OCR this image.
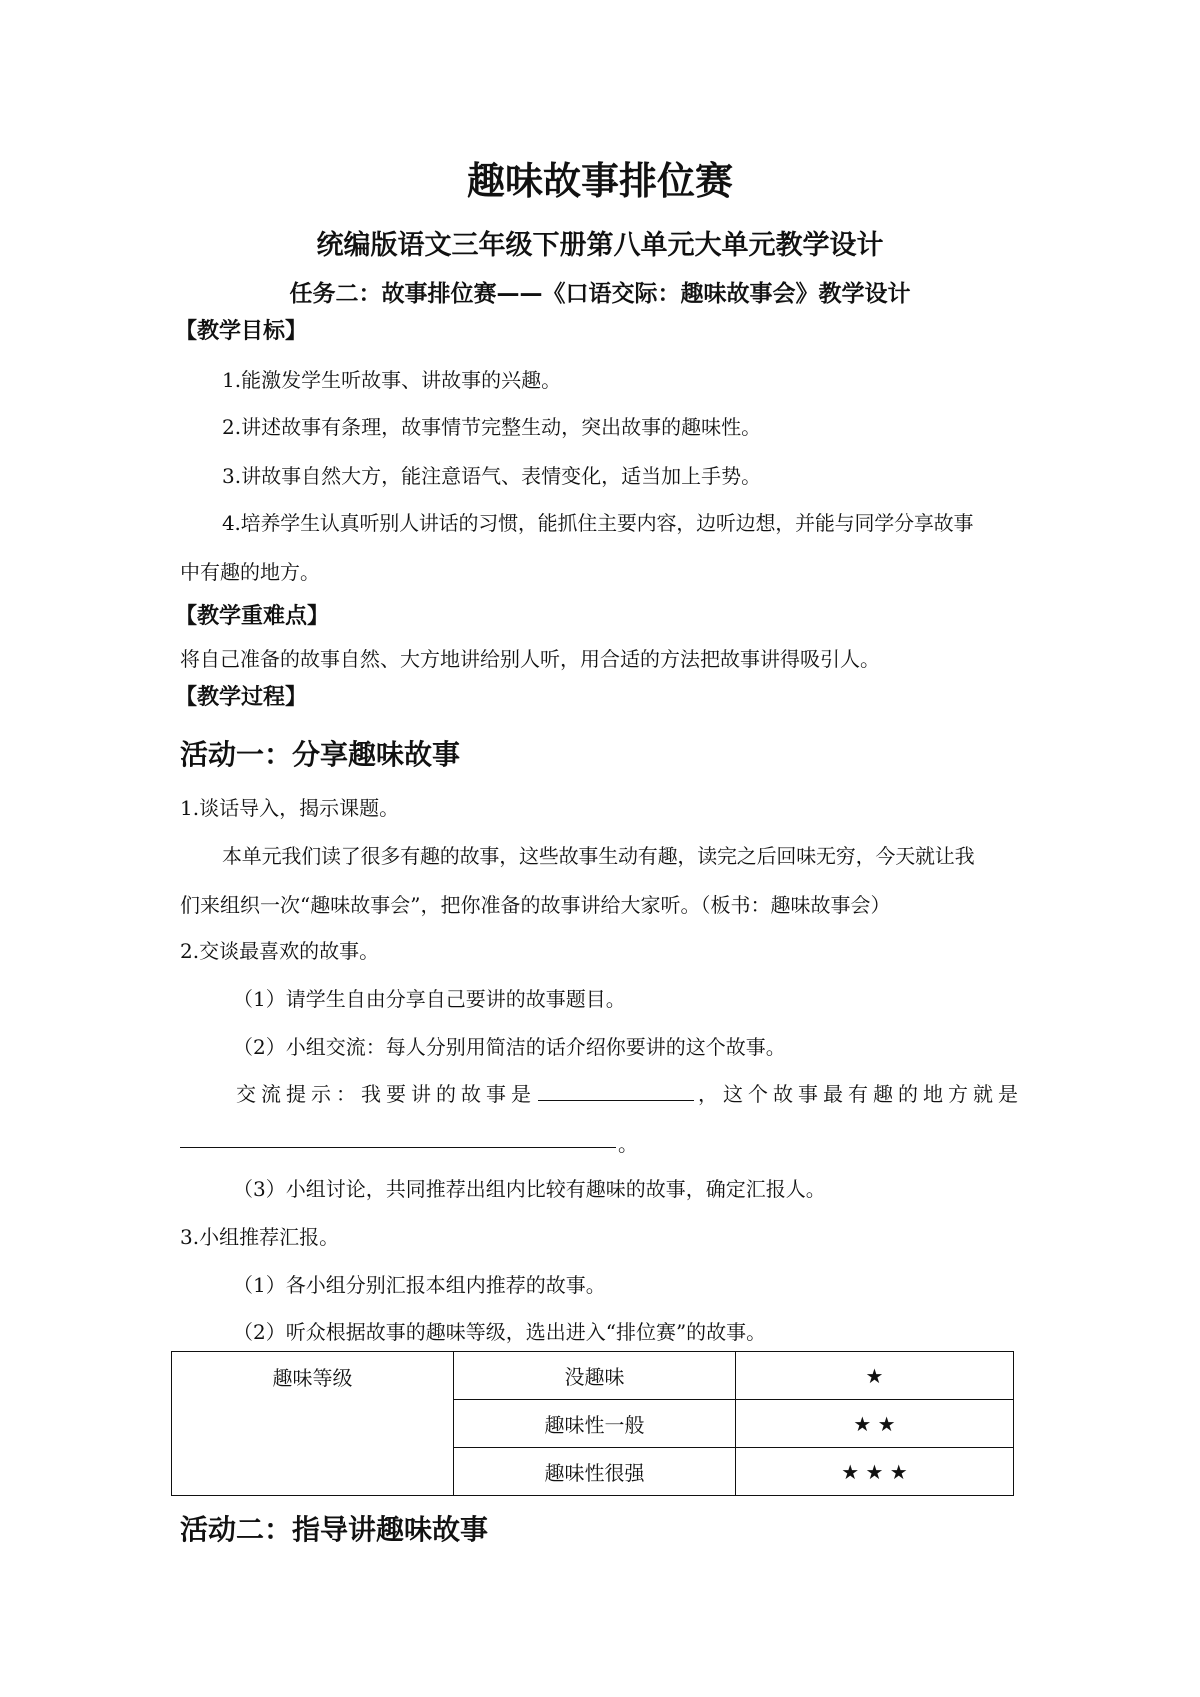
趣味故事排位赛
统编版语文三年级下册第八单元大单元教学设计
任务二：故事排位赛——《口语交际：趣味故事会》教学设计
【教学目标】
1.能激发学生听故事、讲故事的兴趣。
2.讲述故事有条理，故事情节完整生动，突出故事的趣味性。
3.讲故事自然大方，能注意语气、表情变化，适当加上手势。
4.培养学生认真听别人讲话的习惯，能抓住主要内容，边听边想，并能与同学分享故事
中有趣的地方。
【教学重难点】
将自己准备的故事自然、大方地讲给别人听，用合适的方法把故事讲得吸引人。
【教学过程】
活动一：分享趣味故事
1.谈话导入，揭示课题。
本单元我们读了很多有趣的故事，这些故事生动有趣，读完之后回味无穷，今天就让我
们来组织一次“趣味故事会”，把你准备的故事讲给大家听。（板书：趣味故事会）
2.交谈最喜欢的故事。
（1）请学生自由分享自己要讲的故事题目。
（2）小组交流：每人分别用简洁的话介绍你要讲的这个故事。
交流提示：我要讲的故事是	，这个故事最有趣的地方就是
。
（3）小组讨论，共同推荐出组内比较有趣味的故事，确定汇报人。
3.小组推荐汇报。
（1）各小组分别汇报本组内推荐的故事。
（2）听众根据故事的趣味等级，选出进入“排位赛”的故事。
趣味等级	没趣味	★
	趣味性一般	★ ★
	趣味性很强	★ ★ ★
活动二：指导讲趣味故事
